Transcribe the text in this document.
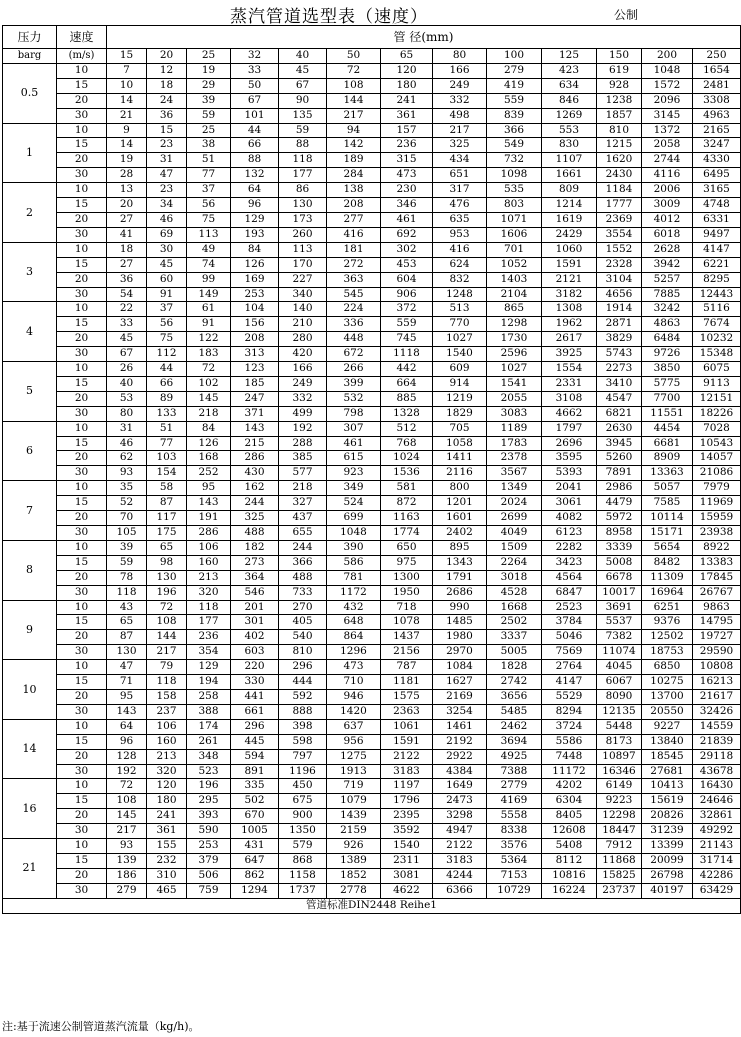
蒸汽管道选型表（速度）	公制
压力	速度	管 径(mm)												
barg	(m/s)	15	20	25	32	40	50	65	80	100	125	150	200	250
0.5	10	7	12	19	33	45	72	120	166	279	423	619	1048	1654
	15	10	18	29	50	67	108	180	249	419	634	928	1572	2481
	20	14	24	39	67	90	144	241	332	559	846	1238	2096	3308
	30	21	36	59	101	135	217	361	498	839	1269	1857	3145	4963
1	10	9	15	25	44	59	94	157	217	366	553	810	1372	2165
	15	14	23	38	66	88	142	236	325	549	830	1215	2058	3247
	20	19	31	51	88	118	189	315	434	732	1107	1620	2744	4330
	30	28	47	77	132	177	284	473	651	1098	1661	2430	4116	6495
2	10	13	23	37	64	86	138	230	317	535	809	1184	2006	3165
	15	20	34	56	96	130	208	346	476	803	1214	1777	3009	4748
	20	27	46	75	129	173	277	461	635	1071	1619	2369	4012	6331
	30	41	69	113	193	260	416	692	953	1606	2429	3554	6018	9497
3	10	18	30	49	84	113	181	302	416	701	1060	1552	2628	4147
	15	27	45	74	126	170	272	453	624	1052	1591	2328	3942	6221
	20	36	60	99	169	227	363	604	832	1403	2121	3104	5257	8295
	30	54	91	149	253	340	545	906	1248	2104	3182	4656	7885	12443
4	10	22	37	61	104	140	224	372	513	865	1308	1914	3242	5116
	15	33	56	91	156	210	336	559	770	1298	1962	2871	4863	7674
	20	45	75	122	208	280	448	745	1027	1730	2617	3829	6484	10232
	30	67	112	183	313	420	672	1118	1540	2596	3925	5743	9726	15348
5	10	26	44	72	123	166	266	442	609	1027	1554	2273	3850	6075
	15	40	66	102	185	249	399	664	914	1541	2331	3410	5775	9113
	20	53	89	145	247	332	532	885	1219	2055	3108	4547	7700	12151
	30	80	133	218	371	499	798	1328	1829	3083	4662	6821	11551	18226
6	10	31	51	84	143	192	307	512	705	1189	1797	2630	4454	7028
	15	46	77	126	215	288	461	768	1058	1783	2696	3945	6681	10543
	20	62	103	168	286	385	615	1024	1411	2378	3595	5260	8909	14057
	30	93	154	252	430	577	923	1536	2116	3567	5393	7891	13363	21086
7	10	35	58	95	162	218	349	581	800	1349	2041	2986	5057	7979
	15	52	87	143	244	327	524	872	1201	2024	3061	4479	7585	11969
	20	70	117	191	325	437	699	1163	1601	2699	4082	5972	10114	15959
	30	105	175	286	488	655	1048	1774	2402	4049	6123	8958	15171	23938
8	10	39	65	106	182	244	390	650	895	1509	2282	3339	5654	8922
	15	59	98	160	273	366	586	975	1343	2264	3423	5008	8482	13383
	20	78	130	213	364	488	781	1300	1791	3018	4564	6678	11309	17845
	30	118	196	320	546	733	1172	1950	2686	4528	6847	10017	16964	26767
9	10	43	72	118	201	270	432	718	990	1668	2523	3691	6251	9863
	15	65	108	177	301	405	648	1078	1485	2502	3784	5537	9376	14795
	20	87	144	236	402	540	864	1437	1980	3337	5046	7382	12502	19727
	30	130	217	354	603	810	1296	2156	2970	5005	7569	11074	18753	29590
10	10	47	79	129	220	296	473	787	1084	1828	2764	4045	6850	10808
	15	71	118	194	330	444	710	1181	1627	2742	4147	6067	10275	16213
	20	95	158	258	441	592	946	1575	2169	3656	5529	8090	13700	21617
	30	143	237	388	661	888	1420	2363	3254	5485	8294	12135	20550	32426
14	10	64	106	174	296	398	637	1061	1461	2462	3724	5448	9227	14559
	15	96	160	261	445	598	956	1591	2192	3694	5586	8173	13840	21839
	20	128	213	348	594	797	1275	2122	2922	4925	7448	10897	18545	29118
	30	192	320	523	891	1196	1913	3183	4384	7388	11172	16346	27681	43678
16	10	72	120	196	335	450	719	1197	1649	2779	4202	6149	10413	16430
	15	108	180	295	502	675	1079	1796	2473	4169	6304	9223	15619	24646
	20	145	241	393	670	900	1439	2395	3298	5558	8405	12298	20826	32861
	30	217	361	590	1005	1350	2159	3592	4947	8338	12608	18447	31239	49292
21	10	93	155	253	431	579	926	1540	2122	3576	5408	7912	13399	21143
	15	139	232	379	647	868	1389	2311	3183	5364	8112	11868	20099	31714
	20	186	310	506	862	1158	1852	3081	4244	7153	10816	15825	26798	42286
	30	279	465	759	1294	1737	2778	4622	6366	10729	16224	23737	40197	63429
管道标准DIN2448 Reihe1														
注:基于流速公制管道蒸汽流量（kg/h)。
